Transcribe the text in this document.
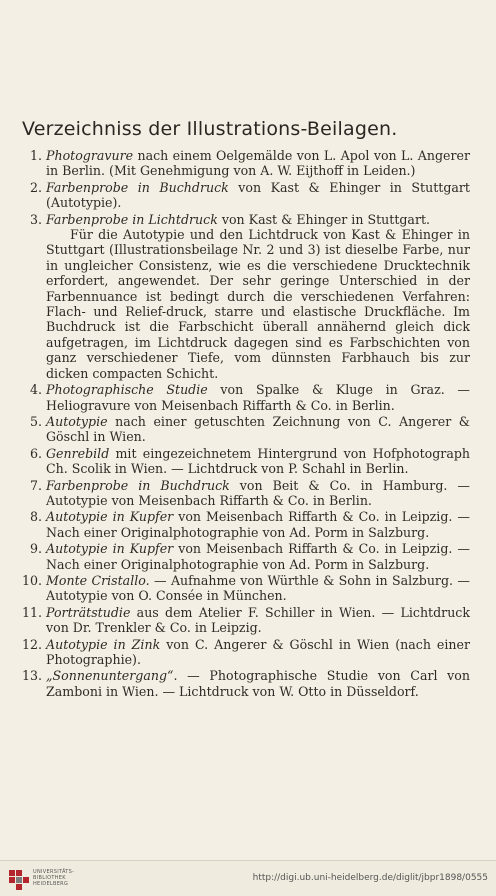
Verzeichniss der Illustrations-Beilagen.
1. Photogravure nach einem Oelgemälde von L. Apol von L. Angerer in Berlin. (Mit Genehmigung von A. W. Eijthoff in Leiden.)
2. Farbenprobe in Buchdruck von Kast & Ehinger in Stuttgart (Autotypie).
3. Farbenprobe in Lichtdruck von Kast & Ehinger in Stuttgart.
Für die Autotypie und den Lichtdruck von Kast & Ehinger in Stuttgart (Illustrationsbeilage Nr. 2 und 3) ist dieselbe Farbe, nur in ungleicher Consistenz, wie es die verschiedene Drucktechnik erfordert, angewendet. Der sehr geringe Unterschied in der Farbennuance ist bedingt durch die verschiedenen Verfahren: Flach- und Relief-druck, starre und elastische Druckfläche. Im Buchdruck ist die Farbschicht überall annähernd gleich dick aufgetragen, im Lichtdruck dagegen sind es Farbschichten von ganz verschiedener Tiefe, vom dünnsten Farbhauch bis zur dicken compacten Schicht.
4. Photographische Studie von Spalke & Kluge in Graz. — Heliogravure von Meisenbach Riffarth & Co. in Berlin.
5. Autotypie nach einer getuschten Zeichnung von C. Angerer & Göschl in Wien.
6. Genrebild mit eingezeichnetem Hintergrund von Hofphotograph Ch. Scolik in Wien. — Lichtdruck von P. Schahl in Berlin.
7. Farbenprobe in Buchdruck von Beit & Co. in Hamburg. — Autotypie von Meisenbach Riffarth & Co. in Berlin.
8. Autotypie in Kupfer von Meisenbach Riffarth & Co. in Leipzig. — Nach einer Originalphotographie von Ad. Porm in Salzburg.
9. Autotypie in Kupfer von Meisenbach Riffarth & Co. in Leipzig. — Nach einer Originalphotographie von Ad. Porm in Salzburg.
10. Monte Cristallo. — Aufnahme von Würthle & Sohn in Salzburg. — Autotypie von O. Consée in München.
11. Porträtstudie aus dem Atelier F. Schiller in Wien. — Lichtdruck von Dr. Trenkler & Co. in Leipzig.
12. Autotypie in Zink von C. Angerer & Göschl in Wien (nach einer Photographie).
13. „Sonnenuntergang“. — Photographische Studie von Carl von Zamboni in Wien. — Lichtdruck von W. Otto in Düsseldorf.
UNIVERSITÄTS-
BIBLIOTHEK
HEIDELBERG
http://digi.ub.uni-heidelberg.de/diglit/jbpr1898/0555
